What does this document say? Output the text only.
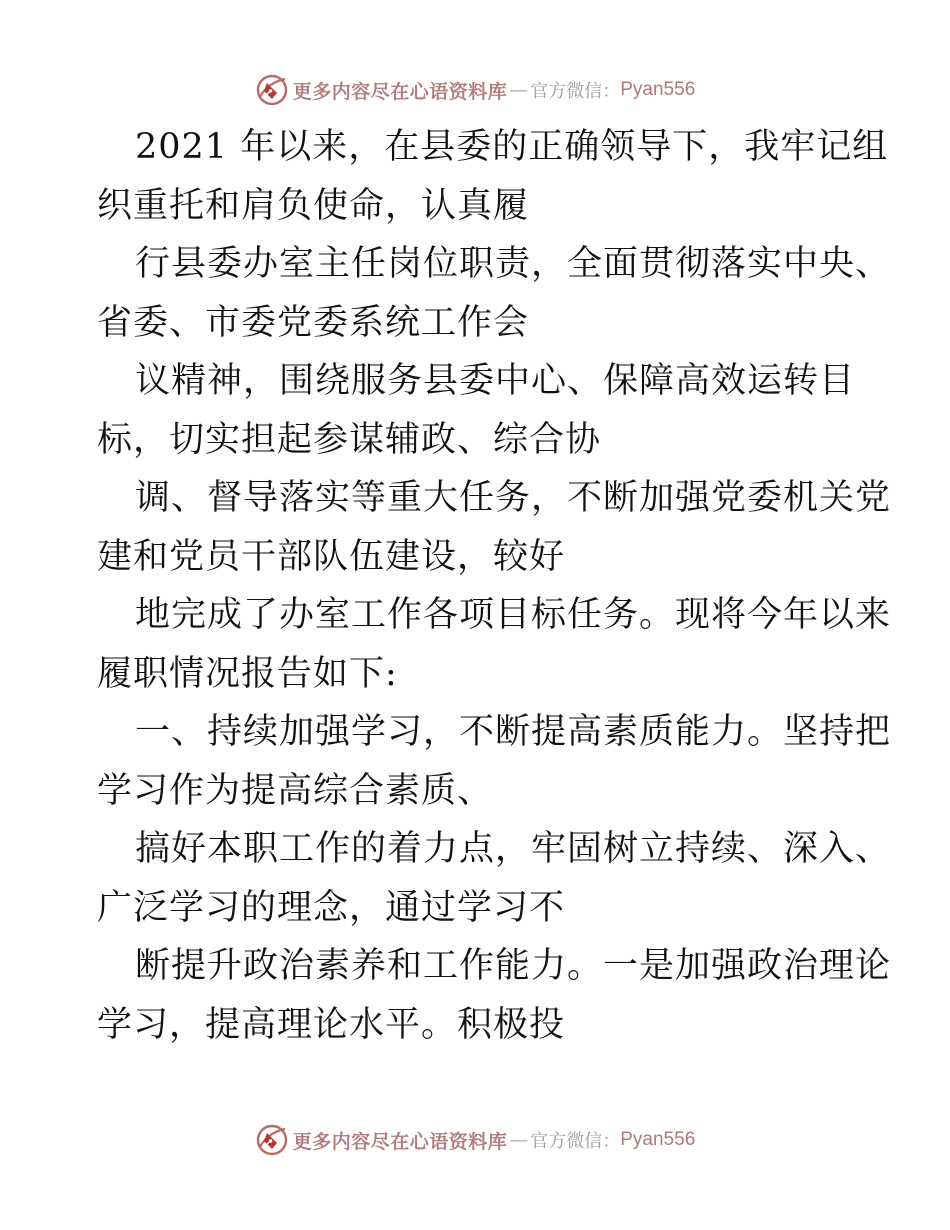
更多内容尽在心语资料库 — 官方微信： Pyan556
2021 年以来，在县委的正确领导下，我牢记组
织重托和肩负使命，认真履
行县委办室主任岗位职责，全面贯彻落实中央、
省委、市委党委系统工作会
议精神，围绕服务县委中心、保障高效运转目
标，切实担起参谋辅政、综合协
调、督导落实等重大任务，不断加强党委机关党
建和党员干部队伍建设，较好
地完成了办室工作各项目标任务。现将今年以来
履职情况报告如下:
一、持续加强学习，不断提高素质能力。坚持把
学习作为提高综合素质、
搞好本职工作的着力点，牢固树立持续、深入、
广泛学习的理念，通过学习不
断提升政治素养和工作能力。一是加强政治理论
学习，提高理论水平。积极投
更多内容尽在心语资料库 — 官方微信： Pyan556
